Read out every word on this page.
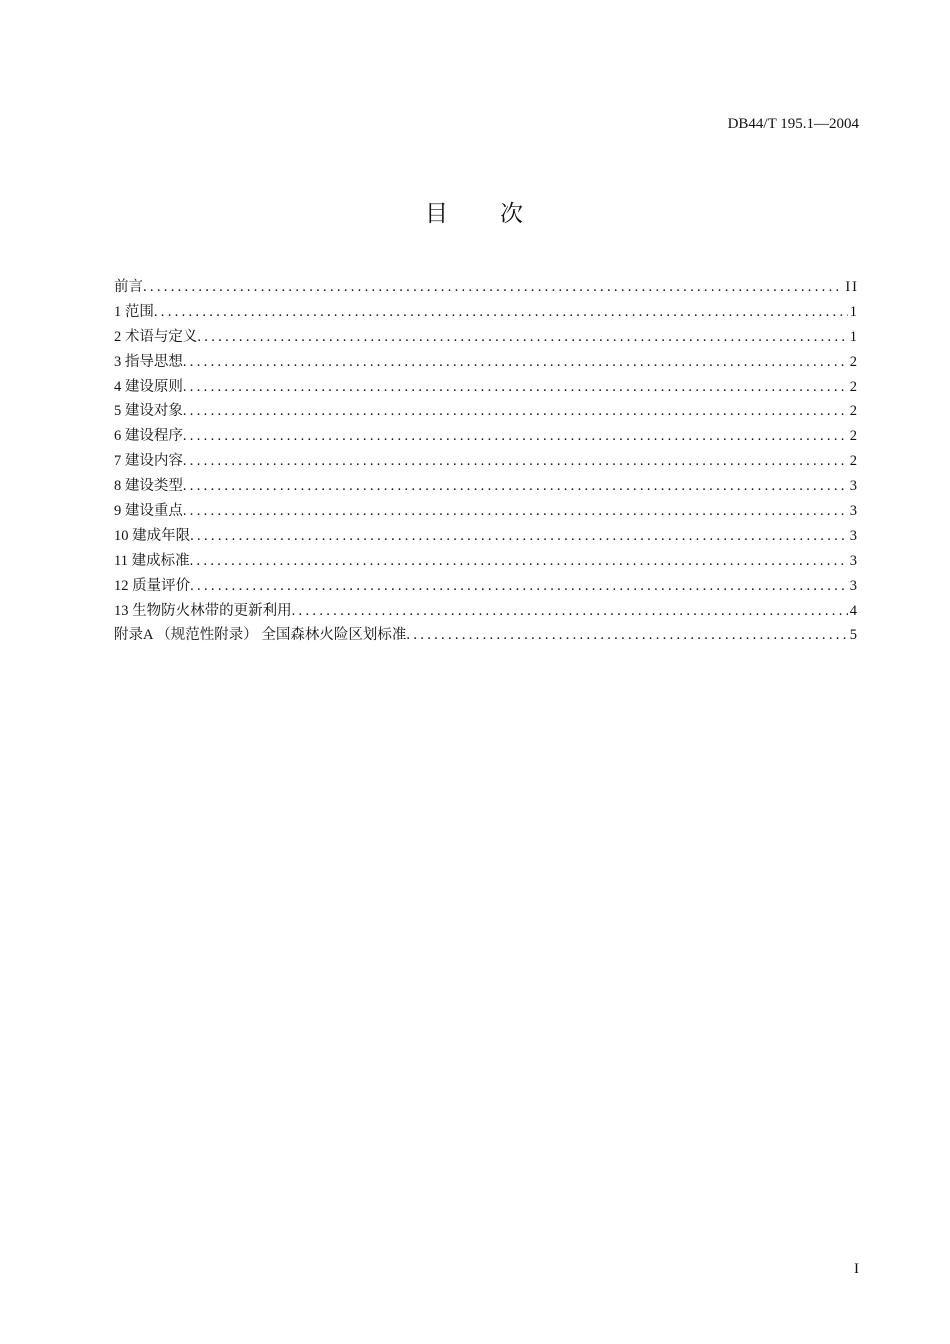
DB44/T 195.1—2004
目　　次
前言 .....	II
1 范围 .....	1
2 术语与定义 .....	1
3 指导思想 .....	2
4 建设原则 .....	2
5 建设对象 .....	2
6 建设程序 .....	2
7 建设内容 .....	2
8 建设类型 .....	3
9 建设重点 .....	3
10 建成年限 .....	3
11 建成标准 .....	3
12 质量评价 .....	3
13 生物防火林带的更新利用 .....	4
附录A （规范性附录） 全国森林火险区划标准 .....	5
I
